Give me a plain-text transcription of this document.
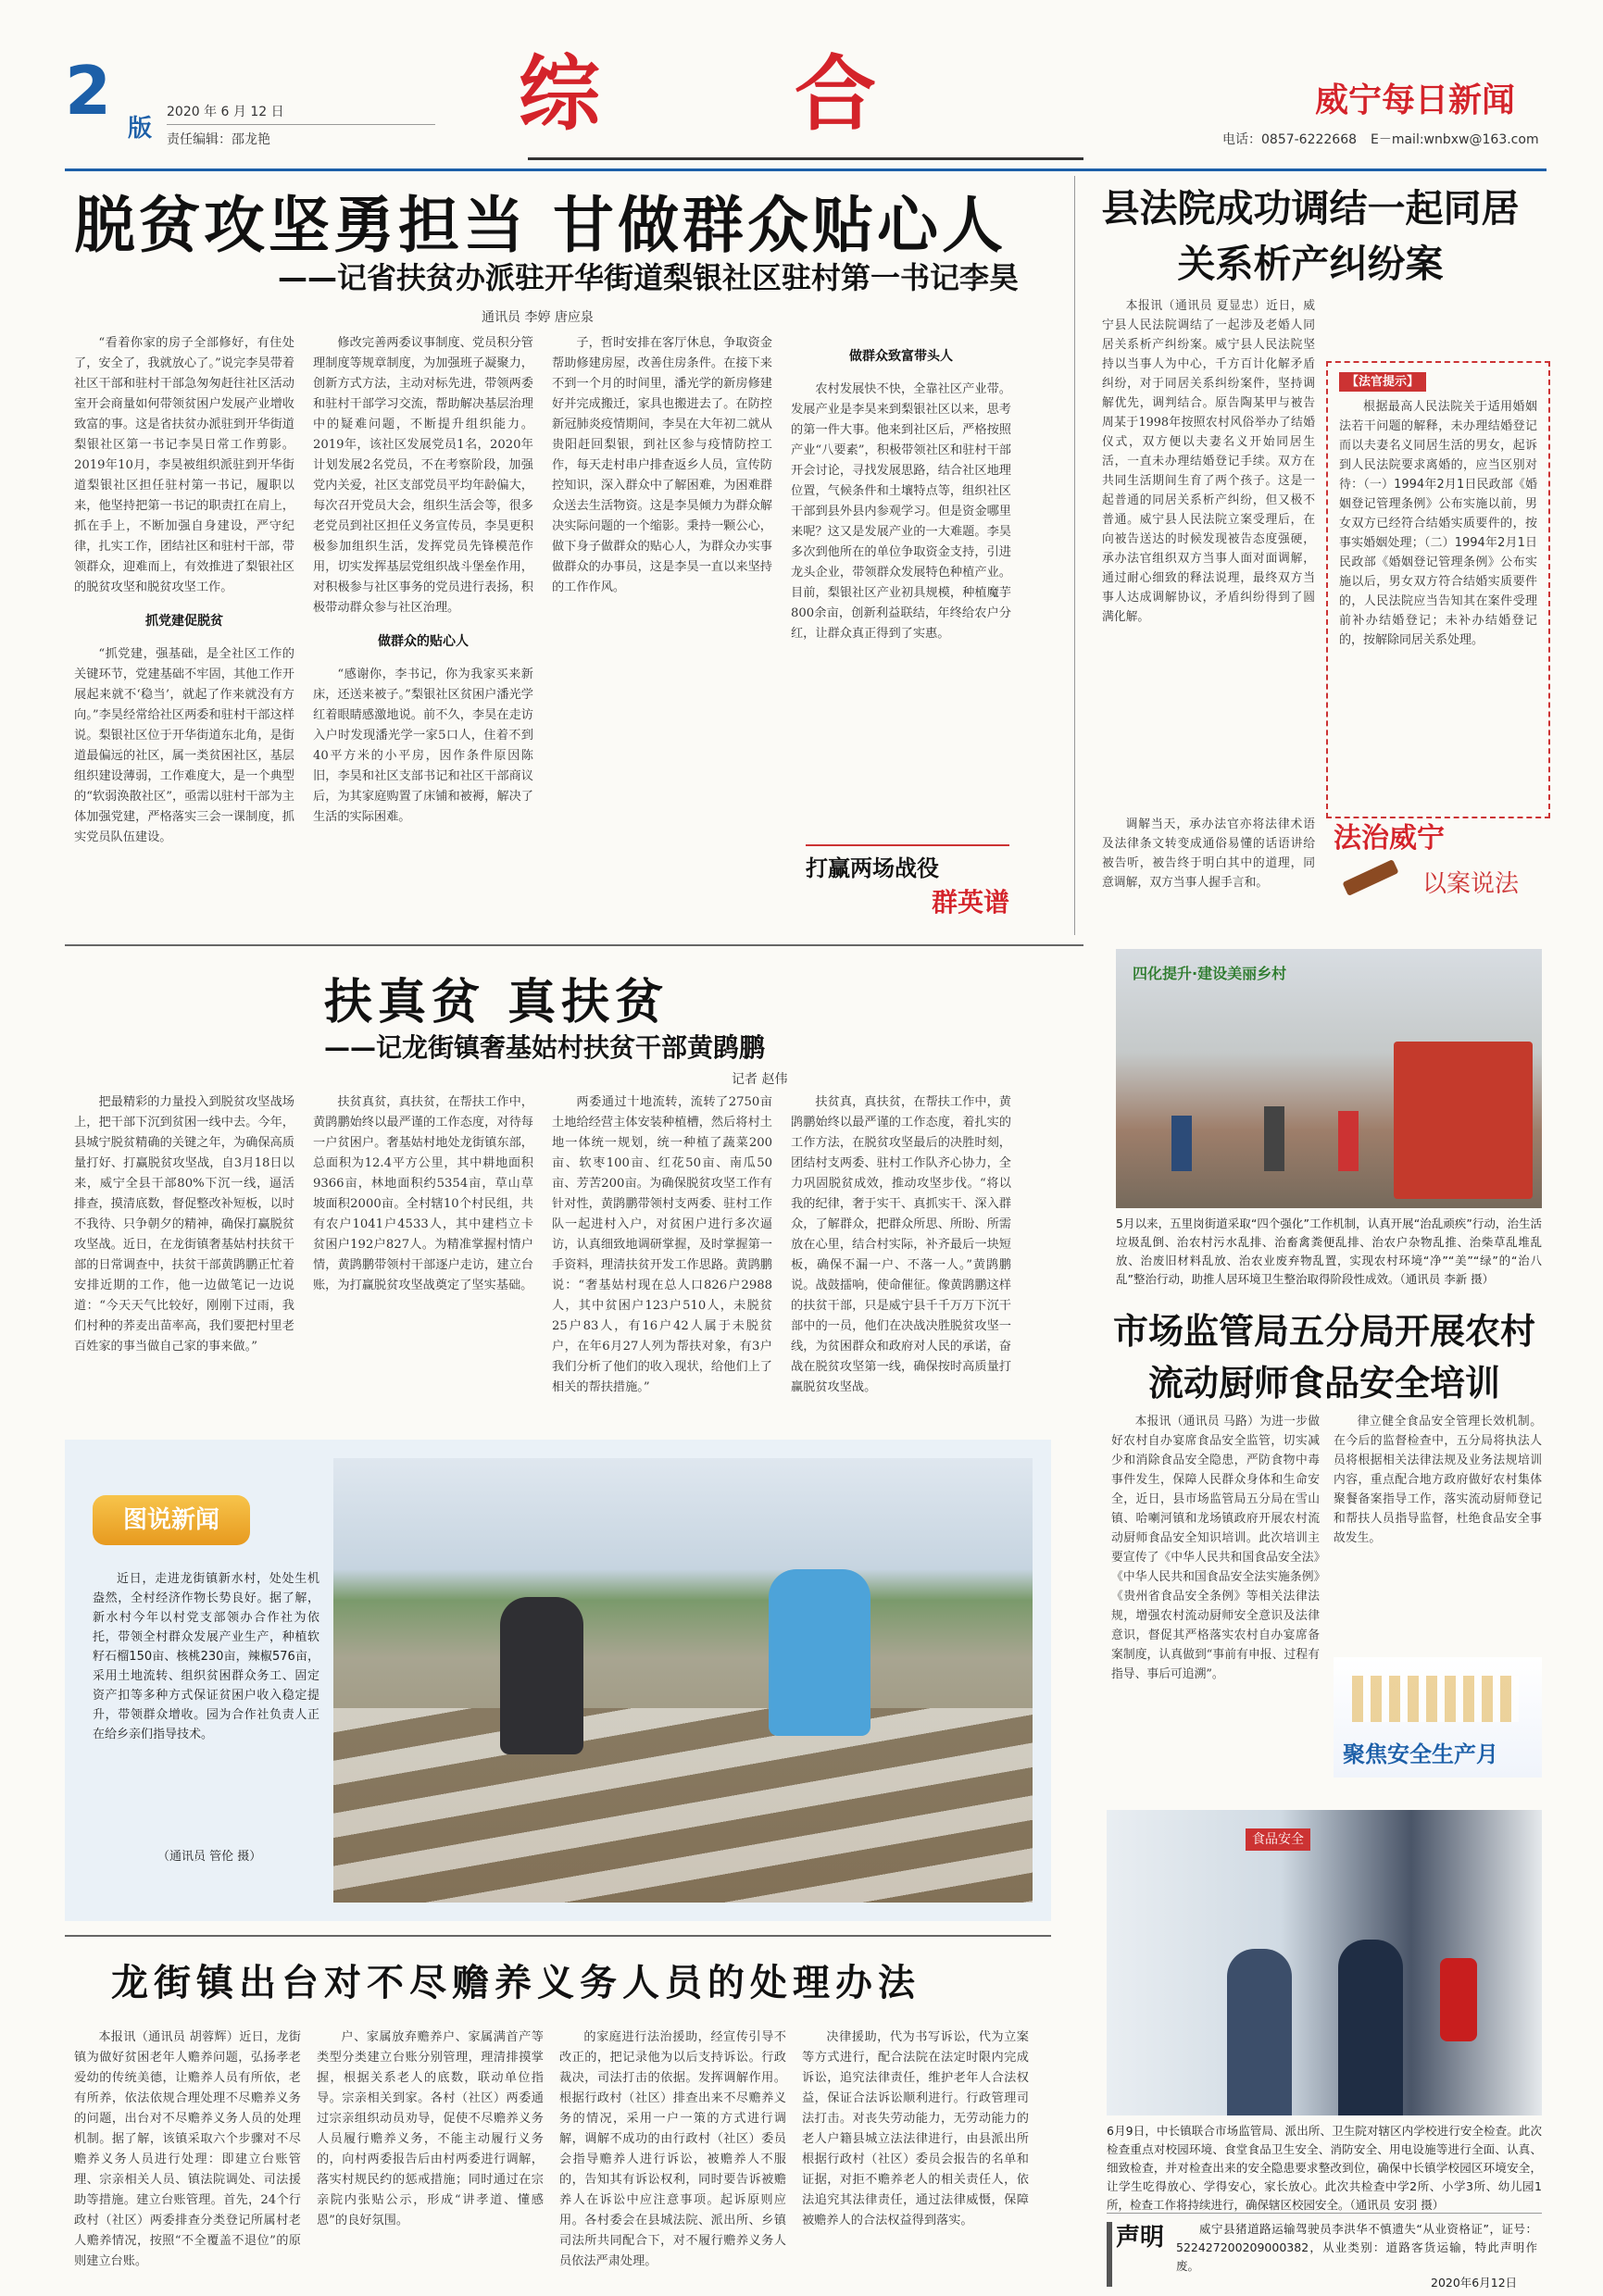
2 版
2020 年 6 月 12 日
责任编辑：邵龙艳	综合	威宁每日新闻
电话：0857-6222668 E－mail:wnbxw@163.com
脱贫攻坚勇担当 甘做群众贴心人
——记省扶贫办派驻开华街道梨银社区驻村第一书记李昊
通讯员 李婷 唐应泉

“看着你家的房子全部修好，有住处了，安全了，我就放心了。”说完李昊带着社区干部和驻村干部急匆匆赶往社区活动室开会商量如何带领贫困户发展产业增收致富的事。这是省扶贫办派驻到开华街道梨银社区第一书记李昊日常工作剪影。2019年10月，李昊被组织派驻到开华街道梨银社区担任驻村第一书记，履职以来，他坚持把第一书记的职责扛在肩上，抓在手上，不断加强自身建设，严守纪律，扎实工作，团结社区和驻村干部，带领群众，迎难而上，有效推进了梨银社区的脱贫攻坚和脱贫攻坚工作。

抓党建促脱贫

“抓党建，强基础，是全社区工作的关键环节，党建基础不牢固，其他工作开展起来就不‘稳当’，就起了作来就没有方向。”李昊经常给社区两委和驻村干部这样说。梨银社区位于开华街道东北角，是街道最偏远的社区，属一类贫困社区，基层组织建设薄弱，工作难度大，是一个典型的“软弱涣散社区”，亟需以驻村干部为主体加强党建，严格落实三会一课制度，抓实党员队伍建设。

修改完善两委议事制度、党员积分管理制度等规章制度，为加强班子凝聚力，创新方式方法，主动对标先进，带领两委和驻村干部学习交流，帮助解决基层治理中的疑难问题，不断提升组织能力。2019年，该社区发展党员1名，2020年计划发展2名党员，不在考察阶段，加强党内关爱，社区支部党员平均年龄偏大，每次召开党员大会，组织生活会等，很多老党员到社区担任义务宣传员，李昊更积极参加组织生活，发挥党员先锋模范作用，切实发挥基层党组织战斗堡垒作用，对积极参与社区事务的党员进行表扬，积极带动群众参与社区治理。

做群众的贴心人

“感谢你，李书记，你为我家买来新床，还送来被子。”梨银社区贫困户潘光学红着眼睛感激地说。前不久，李昊在走访入户时发现潘光学一家5口人，住着不到40平方米的小平房，因作条件原因陈旧，李昊和社区支部书记和社区干部商议后，为其家庭购置了床铺和被褥，解决了生活的实际困难。

子，哲时安排在客厅休息，争取资金帮助修建房屋，改善住房条件。在接下来不到一个月的时间里，潘光学的新房修建好并完成搬迁，家具也搬进去了。在防控新冠肺炎疫情期间，李昊在大年初二就从贵阳赶回梨银，到社区参与疫情防控工作，每天走村串户排查返乡人员，宣传防控知识，深入群众中了解困难，为困难群众送去生活物资。这是李昊倾力为群众解决实际问题的一个缩影。秉持一颗公心，做下身子做群众的贴心人，为群众办实事做群众的办事员，这是李昊一直以来坚持的工作作风。

做群众致富带头人

农村发展快不快，全靠社区产业带。发展产业是李昊来到梨银社区以来，思考的第一件大事。他来到社区后，严格按照产业“八要素”，积极带领社区和驻村干部开会讨论，寻找发展思路，结合社区地理位置，气候条件和土壤特点等，组织社区干部到县外县内参观学习。但是资金哪里来呢？这又是发展产业的一大难题。李昊多次到他所在的单位争取资金支持，引进龙头企业，带领群众发展特色种植产业。目前，梨银社区产业初具规模，种植魔芋800余亩，创新利益联结，年终给农户分红，让群众真正得到了实惠。

打赢两场战役
群英谱
县法院成功调结一起同居关系析产纠纷案
本报讯（通讯员 夏显忠）近日，威宁县人民法院调结了一起涉及老婚人同居关系析产纠纷案。威宁县人民法院坚持以当事人为中心，千方百计化解矛盾纠纷，对于同居关系纠纷案件，坚持调解优先，调判结合。原告陶某甲与被告周某于1998年按照农村风俗举办了结婚仪式，双方便以夫妻名义开始同居生活，一直未办理结婚登记手续。双方在共同生活期间生育了两个孩子。这是一起普通的同居关系析产纠纷，但又极不普通。威宁县人民法院立案受理后，在向被告送达的时候发现被告态度强硬，承办法官组织双方当事人面对面调解，通过耐心细致的释法说理，最终双方当事人达成调解协议，矛盾纠纷得到了圆满化解。
【法官提示】
根据最高人民法院关于适用婚姻法若干问题的解释，未办理结婚登记而以夫妻名义同居生活的男女，起诉到人民法院要求离婚的，应当区别对待：（一）1994年2月1日民政部《婚姻登记管理条例》公布实施以前，男女双方已经符合结婚实质要件的，按事实婚姻处理；（二）1994年2月1日民政部《婚姻登记管理条例》公布实施以后，男女双方符合结婚实质要件的，人民法院应当告知其在案件受理前补办结婚登记；未补办结婚登记的，按解除同居关系处理。
调解当天，承办法官亦将法律术语及法律条文转变成通俗易懂的话语讲给被告听，被告终于明白其中的道理，同意调解，双方当事人握手言和。
法治威宁
以案说法
扶真贫 真扶贫
——记龙街镇奢基姑村扶贫干部黄鹍鹏
记者 赵伟
把最精彩的力量投入到脱贫攻坚战场上，把干部下沉到贫困一线中去。今年，县城宁脱贫精确的关键之年，为确保高质量打好、打赢脱贫攻坚战，自3月18日以来，威宁全县干部80%下沉一线，逼活排查，摸清底数，督促整改补短板，以时不我待、只争朝夕的精神，确保打赢脱贫攻坚战。近日，在龙街镇奢基姑村扶贫干部的日常调查中，扶贫干部黄鹍鹏正忙着安排近期的工作，他一边做笔记一边说道：“今天天气比较好，刚刚下过雨，我们村种的荞麦出苗率高，我们要把村里老百姓家的事当做自己家的事来做。”
扶贫真贫，真扶贫，在帮扶工作中，黄鹍鹏始终以最严谨的工作态度，对待每一户贫困户。奢基姑村地处龙街镇东部，总面积为12.4平方公里，其中耕地面积9366亩，林地面积约5354亩，草山草坡面积2000亩。全村辖10个村民组，共有农户1041户4533人，其中建档立卡贫困户192户827人。为精准掌握村情户情，黄鹍鹏带领村干部逐户走访，建立台账，为打赢脱贫攻坚战奠定了坚实基础。
两委通过十地流转，流转了2750亩土地给经营主体安装种植槽，然后将村土地一体统一规划，统一种植了蔬菜200亩、软枣100亩、红花50亩、南瓜50亩、芳苦200亩。为确保脱贫攻坚工作有针对性，黄鹍鹏带领村支两委、驻村工作队一起进村入户，对贫困户进行多次逼访，认真细致地调研掌握，及时掌握第一手资料，理清扶贫开发工作思路。黄鹍鹏说：“奢基姑村现在总人口826户2988人，其中贫困户123户510人，未脱贫25户83人，有16户42人属于未脱贫户，在年6月27人列为帮扶对象，有3户我们分析了他们的收入现状，给他们上了相关的帮扶措施。”
扶贫真，真扶贫，在帮扶工作中，黄鹍鹏始终以最严谨的工作态度，着扎实的工作方法，在脱贫攻坚最后的决胜时刻，团结村支两委、驻村工作队齐心协力，全力巩固脱贫成效，推动攻坚步伐。“将以我的纪律，奢于实干、真抓实干、深入群众，了解群众，把群众所思、所盼、所需放在心里，结合村实际，补齐最后一块短板，确保不漏一户、不落一人。”黄鹍鹏说。战鼓擂响，使命催征。像黄鹍鹏这样的扶贫干部，只是威宁县千千万万下沉干部中的一员，他们在决战决胜脱贫攻坚一线，为贫困群众和政府对人民的承诺，奋战在脱贫攻坚第一线，确保按时高质量打赢脱贫攻坚战。
四化提升·建设美丽乡村
5月以来，五里岗街道采取“四个强化”工作机制，认真开展“治乱顽疾”行动，治生活垃圾乱倒、治农村污水乱排、治畜禽粪便乱排、治农户杂物乱推、治柴草乱堆乱放、治废旧材料乱放、治农业废弃物乱置，实现农村环境“净”“美”“绿”的“治八乱”整治行动，助推人居环境卫生整治取得阶段性成效。（通讯员 李新 摄）
市场监管局五分局开展农村流动厨师食品安全培训
本报讯（通讯员 马路）为进一步做好农村自办宴席食品安全监管，切实减少和消除食品安全隐患，严防食物中毒事件发生，保障人民群众身体和生命安全，近日，县市场监管局五分局在雪山镇、哈喇河镇和龙场镇政府开展农村流动厨师食品安全知识培训。此次培训主要宣传了《中华人民共和国食品安全法》《中华人民共和国食品安全法实施条例》《贵州省食品安全条例》等相关法律法规，增强农村流动厨师安全意识及法律意识，督促其严格落实农村自办宴席备案制度，认真做到“事前有申报、过程有指导、事后可追溯”。
律立健全食品安全管理长效机制。在今后的监督检查中，五分局将执法人员将根据相关法律法规及业务法规培训内容，重点配合地方政府做好农村集体聚餐备案指导工作，落实流动厨师登记和帮扶人员指导监督，杜绝食品安全事故发生。
聚焦安全生产月
图说新闻
近日，走进龙街镇新水村，处处生机盎然，全村经济作物长势良好。据了解，新水村今年以村党支部领办合作社为依托，带领全村群众发展产业生产，种植软籽石榴150亩、核桃230亩，辣椒576亩，采用土地流转、组织贫困群众务工、固定资产扣等多种方式保证贫困户收入稳定提升，带领群众增收。园为合作社负责人正在给乡亲们指导技术。
（通讯员 管伦 摄）
龙街镇出台对不尽赡养义务人员的处理办法
本报讯（通讯员 胡蓉辉）近日，龙街镇为做好贫困老年人赡养问题，弘扬孝老爱幼的传统美德，让赡养人员有所依，老有所养，依法依规合理处理不尽赡养义务的问题，出台对不尽赡养义务人员的处理机制。据了解，该镇采取六个步骤对不尽赡养义务人员进行处理：即建立台账管理、宗亲相关人员、镇法院调处、司法援助等措施。建立台账管理。首先，24个行政村（社区）两委排查分类登记所属村老人赡养情况，按照“不全覆盖不退位”的原则建立台账。
户、家属放弃赡养户、家属满首产等类型分类建立台账分别管理，理清排摸掌握，根据关系老人的底数，联动单位指导。宗亲相关到家。各村（社区）两委通过宗亲组织动员劝导，促使不尽赡养义务人员履行赡养义务，不能主动履行义务的，向村两委报告后由村两委进行调解，落实村规民约的惩戒措施；同时通过在宗亲院内张贴公示，形成“讲孝道、懂感恩”的良好氛围。
的家庭进行法治援助，经宣传引导不改正的，把记录他为以后支持诉讼。行政裁决，司法打击的依据。发挥调解作用。根据行政村（社区）排查出来不尽赡养义务的情况，采用一户一策的方式进行调解，调解不成功的由行政村（社区）委员会指导赡养人进行诉讼，被赡养人不服的，告知其有诉讼权利，同时要告诉被赡养人在诉讼中应注意事项。起诉原则应用。各村委会在县城法院、派出所、乡镇司法所共同配合下，对不履行赡养义务人员依法严肃处理。
决律援助，代为书写诉讼，代为立案等方式进行，配合法院在法定时限内完成诉讼，追究法律责任，维护老年人合法权益，保证合法诉讼顺利进行。行政管理司法打击。对丧失劳动能力，无劳动能力的老人户籍县城立法法律进行，由县派出所根据行政村（社区）委员会报告的名单和证据，对拒不赡养老人的相关责任人，依法追究其法律责任，通过法律威慑，保障被赡养人的合法权益得到落实。
食品安全
6月9日，中长镇联合市场监管局、派出所、卫生院对辖区内学校进行安全检查。此次检查重点对校园环境、食堂食品卫生安全、消防安全、用电设施等进行全面、认真、细致检查，并对检查出来的安全隐患要求整改到位，确保中长镇学校园区环境安全，让学生吃得放心、学得安心，家长放心。此次共检查中学2所、小学3所、幼儿园1所，检查工作将持续进行，确保辖区校园安全。（通讯员 安羽 摄）
声明	威宁县猪道路运输驾驶员李洪华不慎遗失“从业资格证”，证号：522427200209000382，从业类别：道路客货运输，特此声明作废。
2020年6月12日
